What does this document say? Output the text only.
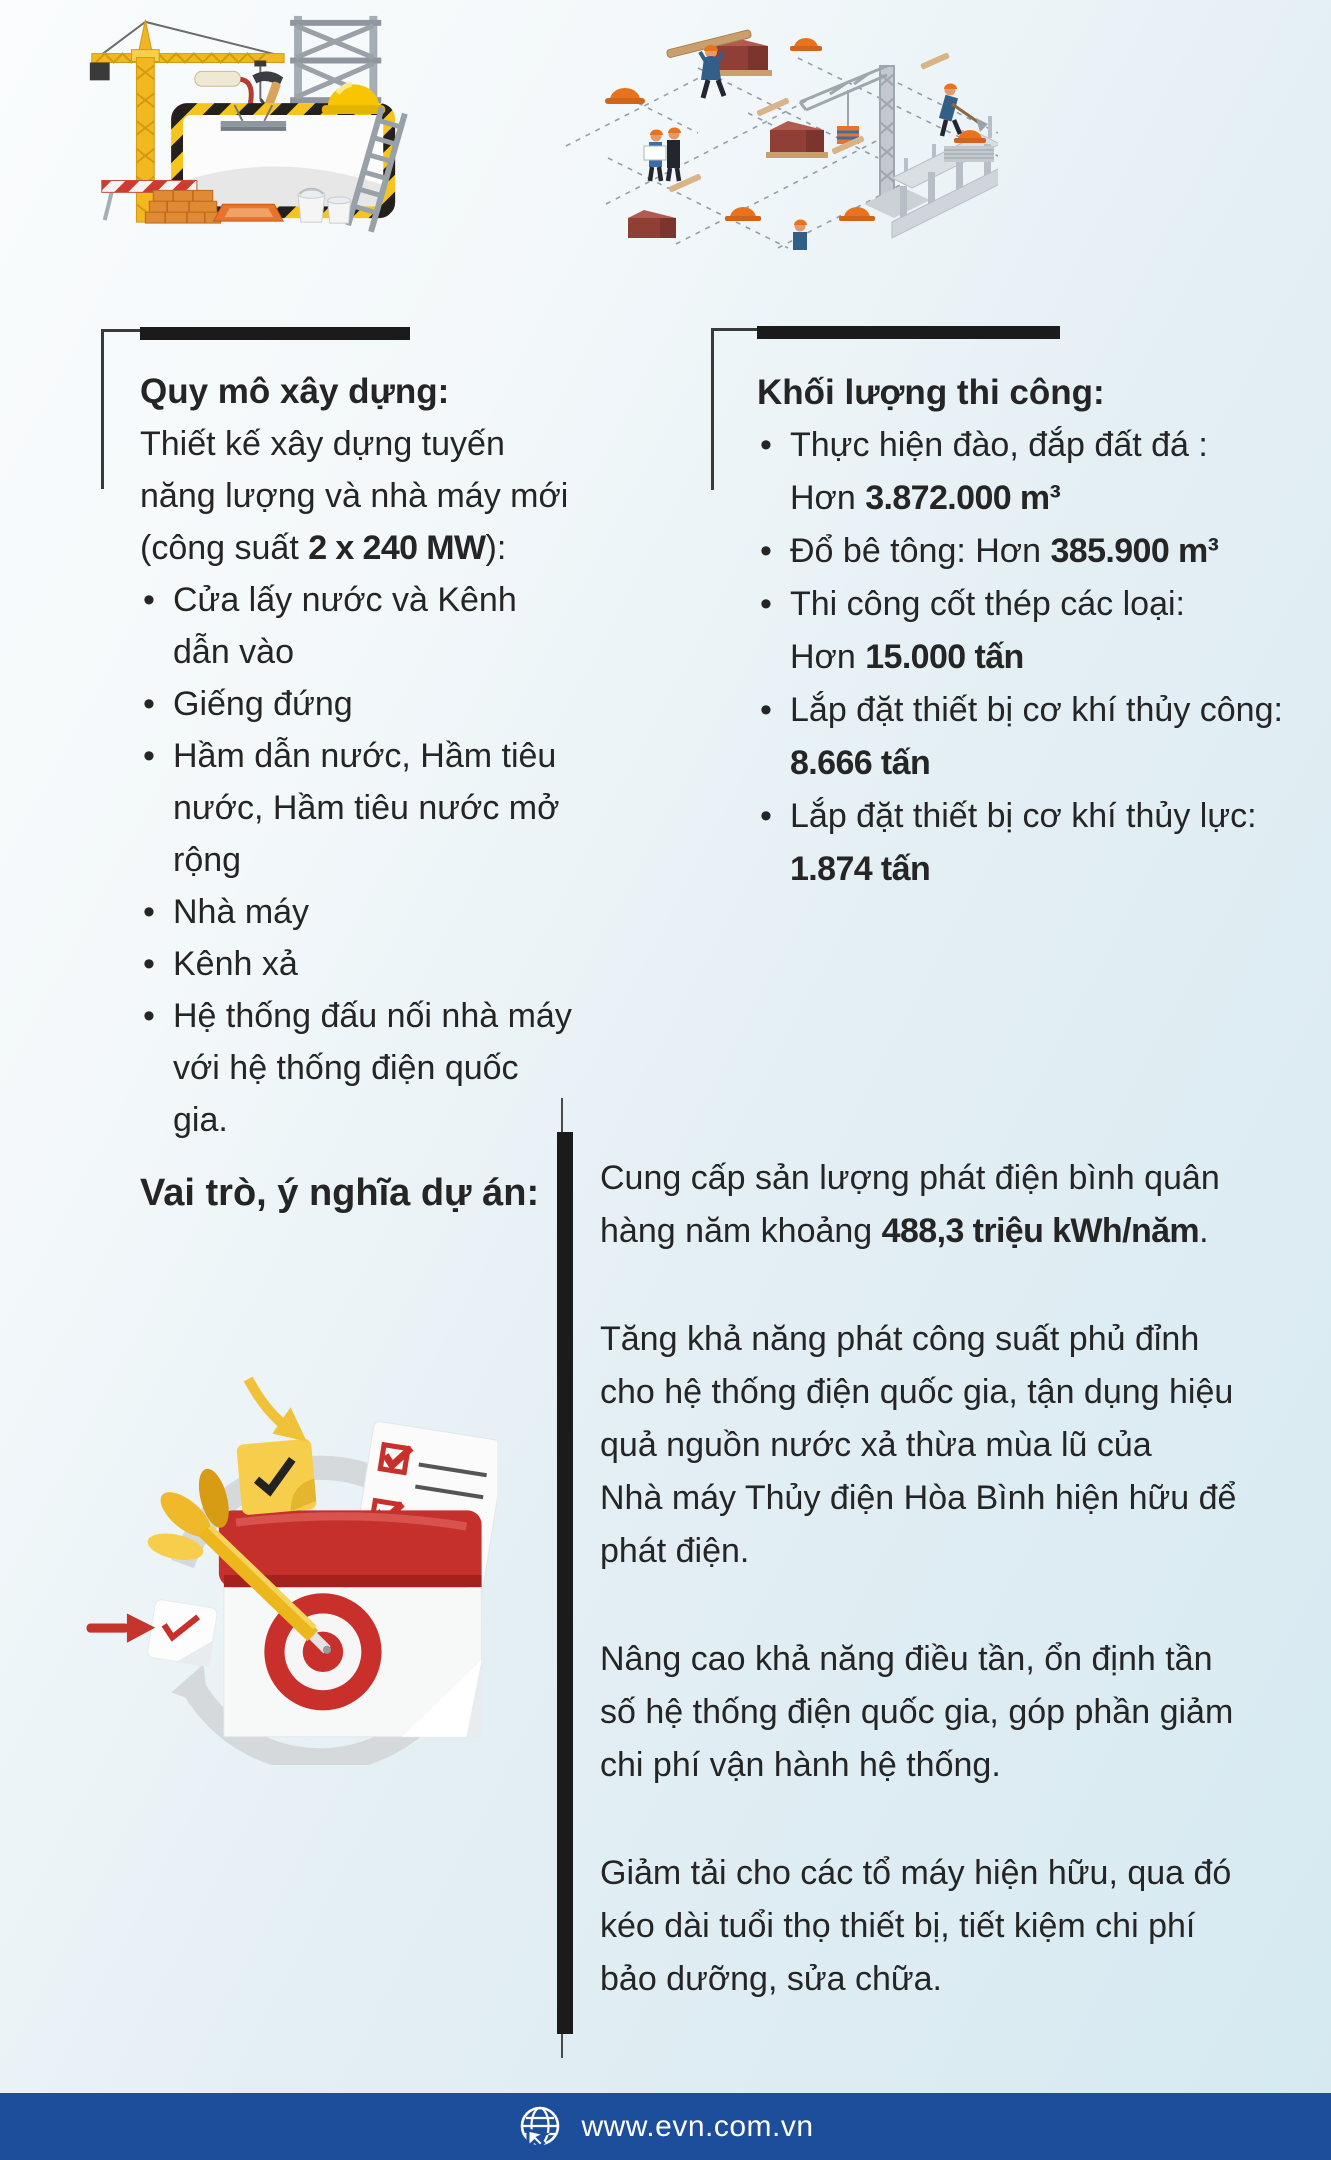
Quy mô xây dựng:

Thiết kế xây dựng tuyến
năng lượng và nhà máy mới
(công suất 2 x 240 MW):

• Cửa lấy nước và Kênh
dẫn vào
• Giếng đứng
• Hầm dẫn nước, Hầm tiêu
nước, Hầm tiêu nước mở rộng
• Nhà máy
• Kênh xả
• Hệ thống đấu nối nhà máy
với hệ thống điện quốc gia.
Khối lượng thi công:
• Thực hiện đào, đắp đất đá :
Hơn 3.872.000 m³
• Đổ bê tông: Hơn 385.900 m³
• Thi công cốt thép các loại:
Hơn 15.000 tấn
• Lắp đặt thiết bị cơ khí thủy công:
8.666 tấn
• Lắp đặt thiết bị cơ khí thủy lực:
1.874 tấn
Vai trò, ý nghĩa dự án:	Cung cấp sản lượng phát điện bình quân
hàng năm khoảng 488,3 triệu kWh/năm.

Tăng khả năng phát công suất phủ đỉnh
cho hệ thống điện quốc gia, tận dụng hiệu
quả nguồn nước xả thừa mùa lũ của
Nhà máy Thủy điện Hòa Bình hiện hữu để
phát điện.

Nâng cao khả năng điều tần, ổn định tần
số hệ thống điện quốc gia, góp phần giảm
chi phí vận hành hệ thống.

Giảm tải cho các tổ máy hiện hữu, qua đó
kéo dài tuổi thọ thiết bị, tiết kiệm chi phí
bảo dưỡng, sửa chữa.

www.evn.com.vn
